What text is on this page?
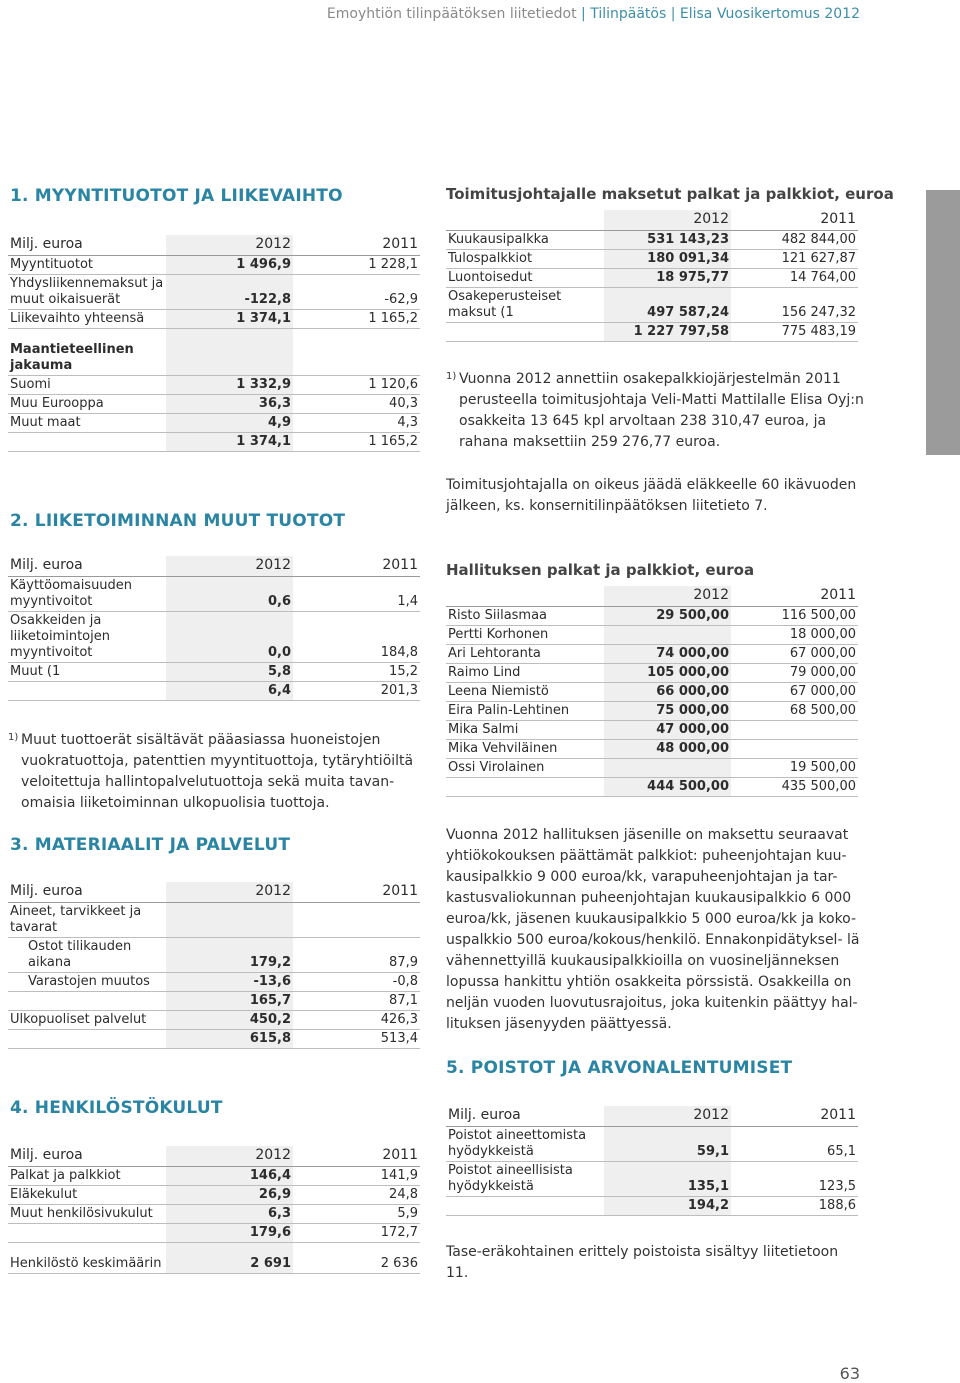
Emoyhtiön tilinpäätöksen liitetiedot | Tilinpäätös | Elisa Vuosikertomus 2012
1. MYYNTITUOTOT JA LIIKEVAIHTO
Milj. euroa	2012	2011
Myyntituotot	1 496,9	1 228,1
Yhdysliikennemaksut ja muut oikaisuerät	-122,8	-62,9
Liikevaihto yhteensä	1 374,1	1 165,2

Maantieteellinen jakauma		
Suomi	1 332,9	1 120,6
Muu Eurooppa	36,3	40,3
Muut maat	4,9	4,3
	1 374,1	1 165,2
2. LIIKETOIMINNAN MUUT TUOTOT
Milj. euroa	2012	2011
Käyttöomaisuuden myyntivoitot	0,6	1,4
Osakkeiden ja liiketoimintojen myyntivoitot	0,0	184,8
Muut (1	5,8	15,2
	6,4	201,3
1) Muut tuottoerät sisältävät pääasiassa huoneistojen vuokratuottoja, patenttien myyntituottoja, tytäryhtiöiltä veloitettuja hallintopalvelutuottoja sekä muita tavan- omaisia liiketoiminnan ulkopuolisia tuottoja.
3. MATERIAALIT JA PALVELUT
Milj. euroa	2012	2011
Aineet, tarvikkeet ja tavarat		
Ostot tilikauden aikana	179,2	87,9
Varastojen muutos	-13,6	-0,8
	165,7	87,1
Ulkopuoliset palvelut	450,2	426,3
	615,8	513,4
4. HENKILÖSTÖKULUT
Milj. euroa	2012	2011
Palkat ja palkkiot	146,4	141,9
Eläkekulut	26,9	24,8
Muut henkilösivukulut	6,3	5,9
	179,6	172,7

Henkilöstö keskimäärin	2 691	2 636
Toimitusjohtajalle maksetut palkat ja palkkiot, euroa
	2012	2011
Kuukausipalkka	531 143,23	482 844,00
Tulospalkkiot	180 091,34	121 627,87
Luontoisedut	18 975,77	14 764,00
Osakeperusteiset maksut (1	497 587,24	156 247,32
	1 227 797,58	775 483,19
1) Vuonna 2012 annettiin osakepalkkiojärjestelmän 2011 perusteella toimitusjohtaja Veli-Matti Mattilalle Elisa Oyj:n osakkeita 13 645 kpl arvoltaan 238 310,47 euroa, ja rahana maksettiin 259 276,77 euroa.
Toimitusjohtajalla on oikeus jäädä eläkkeelle 60 ikävuoden jälkeen, ks. konsernitilinpäätöksen liitetieto 7.
Hallituksen palkat ja palkkiot, euroa
	2012	2011
Risto Siilasmaa	29 500,00	116 500,00
Pertti Korhonen		18 000,00
Ari Lehtoranta	74 000,00	67 000,00
Raimo Lind	105 000,00	79 000,00
Leena Niemistö	66 000,00	67 000,00
Eira Palin-Lehtinen	75 000,00	68 500,00
Mika Salmi	47 000,00	
Mika Vehviläinen	48 000,00	
Ossi Virolainen		19 500,00
	444 500,00	435 500,00
Vuonna 2012 hallituksen jäsenille on maksettu seuraavat yhtiökokouksen päättämät palkkiot: puheenjohtajan kuu- kausipalkkio 9 000 euroa/kk, varapuheenjohtajan ja tar- kastusvaliokunnan puheenjohtajan kuukausipalkkio 6 000 euroa/kk, jäsenen kuukausipalkkio 5 000 euroa/kk ja koko- uspalkkio 500 euroa/kokous/henkilö. Ennakonpidätyksel- lä vähennettyillä kuukausipalkkioilla on vuosineljänneksen lopussa hankittu yhtiön osakkeita pörssistä. Osakkeilla on neljän vuoden luovutusrajoitus, joka kuitenkin päättyy hal- lituksen jäsenyyden päättyessä.
5. POISTOT JA ARVONALENTUMISET
Milj. euroa	2012	2011
Poistot aineettomista hyödykkeistä	59,1	65,1
Poistot aineellisista hyödykkeistä	135,1	123,5
	194,2	188,6
Tase-eräkohtainen erittely poistoista sisältyy liitetietoon 11.
63
